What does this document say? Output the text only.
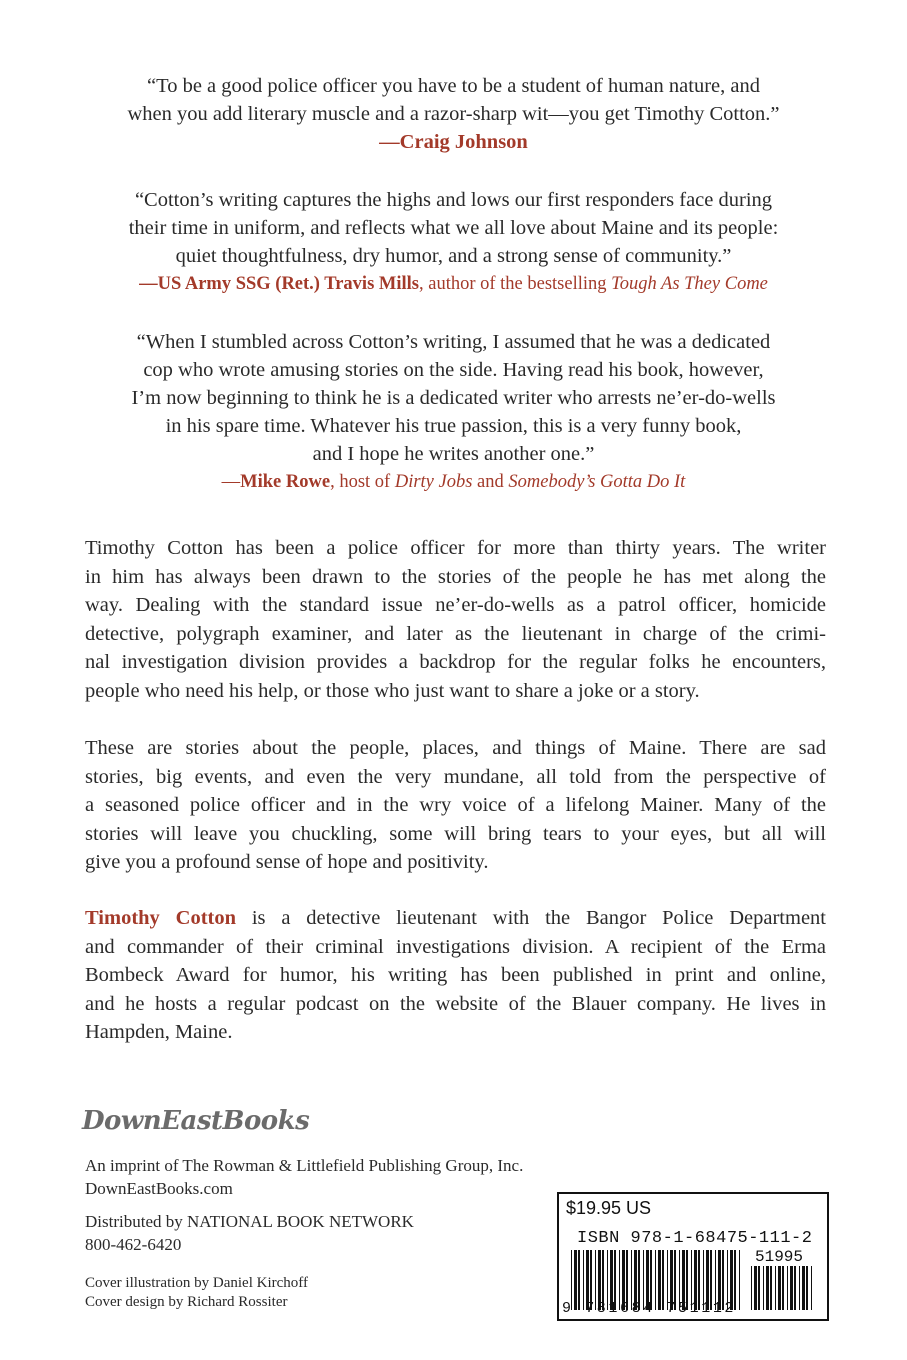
“To be a good police officer you have to be a student of human nature, and
when you add literary muscle and a razor-sharp wit—you get Timothy Cotton.”
—Craig Johnson
“Cotton’s writing captures the highs and lows our first responders face during
their time in uniform, and reflects what we all love about Maine and its people:
quiet thoughtfulness, dry humor, and a strong sense of community.”
—US Army SSG (Ret.) Travis Mills, author of the bestselling Tough As They Come
“When I stumbled across Cotton’s writing, I assumed that he was a dedicated
cop who wrote amusing stories on the side. Having read his book, however,
I’m now beginning to think he is a dedicated writer who arrests ne’er-do-wells
in his spare time. Whatever his true passion, this is a very funny book,
and I hope he writes another one.”
—Mike Rowe, host of Dirty Jobs and Somebody’s Gotta Do It
Timothy Cotton has been a police officer for more than thirty years. The writer
in him has always been drawn to the stories of the people he has met along the
way. Dealing with the standard issue ne’er-do-wells as a patrol officer, homicide
detective, polygraph examiner, and later as the lieutenant in charge of the crimi-
nal investigation division provides a backdrop for the regular folks he encounters,
people who need his help, or those who just want to share a joke or a story.
These are stories about the people, places, and things of Maine. There are sad
stories, big events, and even the very mundane, all told from the perspective of
a seasoned police officer and in the wry voice of a lifelong Mainer. Many of the
stories will leave you chuckling, some will bring tears to your eyes, but all will
give you a profound sense of hope and positivity.
Timothy Cotton is a detective lieutenant with the Bangor Police Department
and commander of their criminal investigations division. A recipient of the Erma
Bombeck Award for humor, his writing has been published in print and online,
and he hosts a regular podcast on the website of the Blauer company. He lives in
Hampden, Maine.
DownEastBooks
An imprint of The Rowman & Littlefield Publishing Group, Inc.
DownEastBooks.com
Distributed by NATIONAL BOOK NETWORK
800-462-6420
Cover illustration by Daniel Kirchoff
Cover design by Richard Rossiter
$19.95 US
ISBN 978-1-68475-111-2
51995
9 781684 751112
